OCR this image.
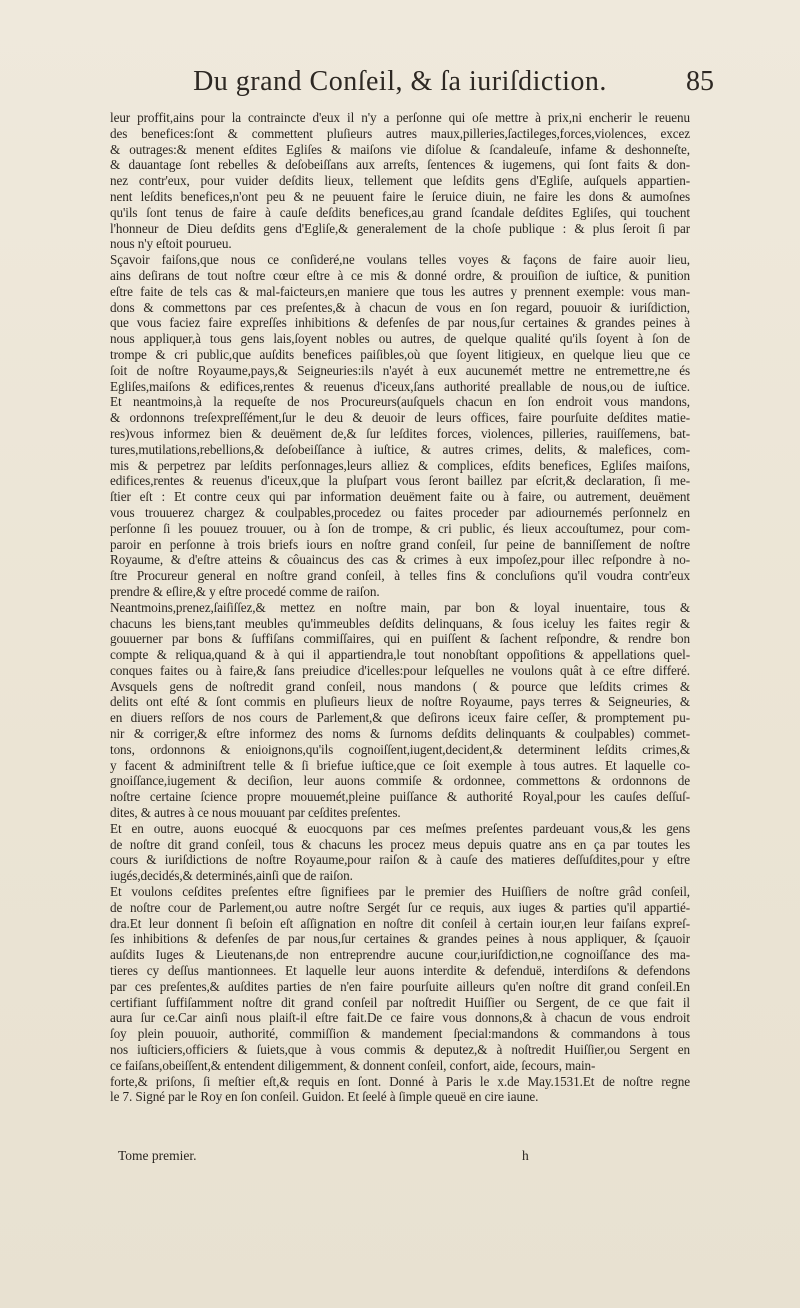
Du grand Conſeil, & ſa iuriſdiction.	85
leur proffit,ains pour la contraincte d'eux il n'y a perſonne qui oſe mettre à prix,ni encherir le reuenu
des benefices:ſont & commettent pluſieurs autres maux,pilleries,ſactileges,forces,violences, excez
& outrages:& menent eſdites Egliſes & maiſons vie diſolue & ſcandaleuſe, infame & deshonneſte,
& dauantage ſont rebelles & deſobeiſſans aux arreſts, ſentences & iugemens, qui ſont faits & don-
nez contr'eux, pour vuider deſdits lieux, tellement que leſdits gens d'Egliſe, auſquels appartien-
nent leſdits benefices,n'ont peu & ne peuuent faire le ſeruice diuin, ne faire les dons & aumoſnes
qu'ils ſont tenus de faire à cauſe deſdits benefices,au grand ſcandale deſdites Egliſes, qui touchent
l'honneur de Dieu deſdits gens d'Egliſe,& generalement de la choſe publique : & plus ſeroit ſi par
nous n'y eſtoit pourueu.
Sçavoir faiſons,que nous ce conſideré,ne voulans telles voyes & façons de faire auoir lieu,
ains deſirans de tout noſtre cœur eſtre à ce mis & donné ordre, & prouiſion de iuſtice, & punition
eſtre faite de tels cas & mal-faicteurs,en maniere que tous les autres y prennent exemple: vous man-
dons & commettons par ces preſentes,& à chacun de vous en ſon regard, pouuoir & iuriſdiction,
que vous faciez faire expreſſes inhibitions & defenſes de par nous,ſur certaines & grandes peines à
nous appliquer,à tous gens lais,ſoyent nobles ou autres, de quelque qualité qu'ils ſoyent à ſon de
trompe & cri public,que auſdits benefices paiſibles,où que ſoyent litigieux, en quelque lieu que ce
ſoit de noſtre Royaume,pays,& Seigneuries:ils n'ayét à eux aucunemét mettre ne entremettre,ne és
Egliſes,maiſons & edifices,rentes & reuenus d'iceux,ſans authorité preallable de nous,ou de iuſtice.
Et neantmoins,à la requeſte de nos Procureurs(auſquels chacun en ſon endroit vous mandons,
& ordonnons treſexpreſſément,ſur le deu & deuoir de leurs offices, faire pourſuite deſdites matie-
res)vous informez bien & deuëment de,& ſur leſdites forces, violences, pilleries, rauiſſemens, bat-
tures,mutilations,rebellions,& deſobeiſſance à iuſtice, & autres crimes, delits, & malefices, com-
mis & perpetrez par leſdits perſonnages,leurs alliez & complices, eſdits benefices, Egliſes maiſons,
edifices,rentes & reuenus d'iceux,que la pluſpart vous ſeront baillez par eſcrit,& declaration, ſi me-
ſtier eſt : Et contre ceux qui par information deuëment faite ou à faire, ou autrement, deuëment
vous trouuerez chargez & coulpables,procedez ou faites proceder par adiournemés perſonnelz en
perſonne ſi les pouuez trouuer, ou à ſon de trompe, & cri public, és lieux accouſtumez, pour com-
paroir en perſonne à trois briefs iours en noſtre grand conſeil, ſur peine de banniſſement de noſtre
Royaume, & d'eſtre atteins & côuaincus des cas & crimes à eux impoſez,pour illec reſpondre à no-
ſtre Procureur general en noſtre grand conſeil, à telles fins & concluſions qu'il voudra contr'eux
prendre & eſlire,& y eſtre procedé comme de raiſon.
Neantmoins,prenez,ſaiſiſſez,& mettez en noſtre main, par bon & loyal inuentaire, tous &
chacuns les biens,tant meubles qu'immeubles deſdits delinquans, & ſous iceluy les faites regir &
gouuerner par bons & ſuffiſans commiſſaires, qui en puiſſent & ſachent reſpondre, & rendre bon
compte & reliqua,quand & à qui il appartiendra,le tout nonobſtant oppoſitions & appellations quel-
conques faites ou à faire,& ſans preiudice d'icelles:pour leſquelles ne voulons quât à ce eſtre differé.
Avsquels gens de noſtredit grand conſeil, nous mandons ( & pource que leſdits crimes &
delits ont eſté & ſont commis en pluſieurs lieux de noſtre Royaume, pays terres & Seigneuries, &
en diuers reſſors de nos cours de Parlement,& que deſirons iceux faire ceſſer, & promptement pu-
nir & corriger,& eſtre informez des noms & ſurnoms deſdits delinquants & coulpables) commet-
tons, ordonnons & enioignons,qu'ils cognoiſſent,iugent,decident,& determinent leſdits crimes,&
y facent & adminiſtrent telle & ſi briefue iuſtice,que ce ſoit exemple à tous autres. Et laquelle co-
gnoiſſance,iugement & deciſion, leur auons commiſe & ordonnee, commettons & ordonnons de
noſtre certaine ſcience propre mouuemét,pleine puiſſance & authorité Royal,pour les cauſes deſſuſ-
dites, & autres à ce nous mouuant par ceſdites preſentes.
Et en outre, auons euocqué & euocquons par ces meſmes preſentes pardeuant vous,& les gens
de noſtre dit grand conſeil, tous & chacuns les procez meus depuis quatre ans en ça par toutes les
cours & iuriſdictions de noſtre Royaume,pour raiſon & à cauſe des matieres deſſuſdites,pour y eſtre
iugés,decidés,& determinés,ainſi que de raiſon.
Et voulons ceſdites preſentes eſtre ſignifiees par le premier des Huiſſiers de noſtre grâd conſeil,
de noſtre cour de Parlement,ou autre noſtre Sergét ſur ce requis, aux iuges & parties qu'il appartié-
dra.Et leur donnent ſi beſoin eſt aſſignation en noſtre dit conſeil à certain iour,en leur faiſans expreſ-
ſes inhibitions & defenſes de par nous,ſur certaines & grandes peines à nous appliquer, & ſçauoir
auſdits Iuges & Lieutenans,de non entreprendre aucune cour,iuriſdiction,ne cognoiſſance des ma-
tieres cy deſſus mantionnees. Et laquelle leur auons interdite & defenduë, interdiſons & defendons
par ces preſentes,& auſdites parties de n'en faire pourſuite ailleurs qu'en noſtre dit grand conſeil.En
certifiant ſuffiſamment noſtre dit grand conſeil par noſtredit Huiſſier ou Sergent, de ce que fait il
aura ſur ce.Car ainſi nous plaiſt-il eſtre fait.De ce faire vous donnons,& à chacun de vous endroit
ſoy plein pouuoir, authorité, commiſſion & mandement ſpecial:mandons & commandons à tous
nos iuſticiers,officiers & ſuiets,que à vous commis & deputez,& à noſtredit Huiſſier,ou Sergent en
ce faiſans,obeiſſent,& entendent diligemment, & donnent conſeil, confort, aide, ſecours, main-
forte,& priſons, ſi meſtier eſt,& requis en ſont. Donné à Paris le x.de May.1531.Et de noſtre regne
le 7. Signé par le Roy en ſon conſeil. Guidon. Et ſeelé à ſimple queuë en cire iaune.
Tome premier.	h
